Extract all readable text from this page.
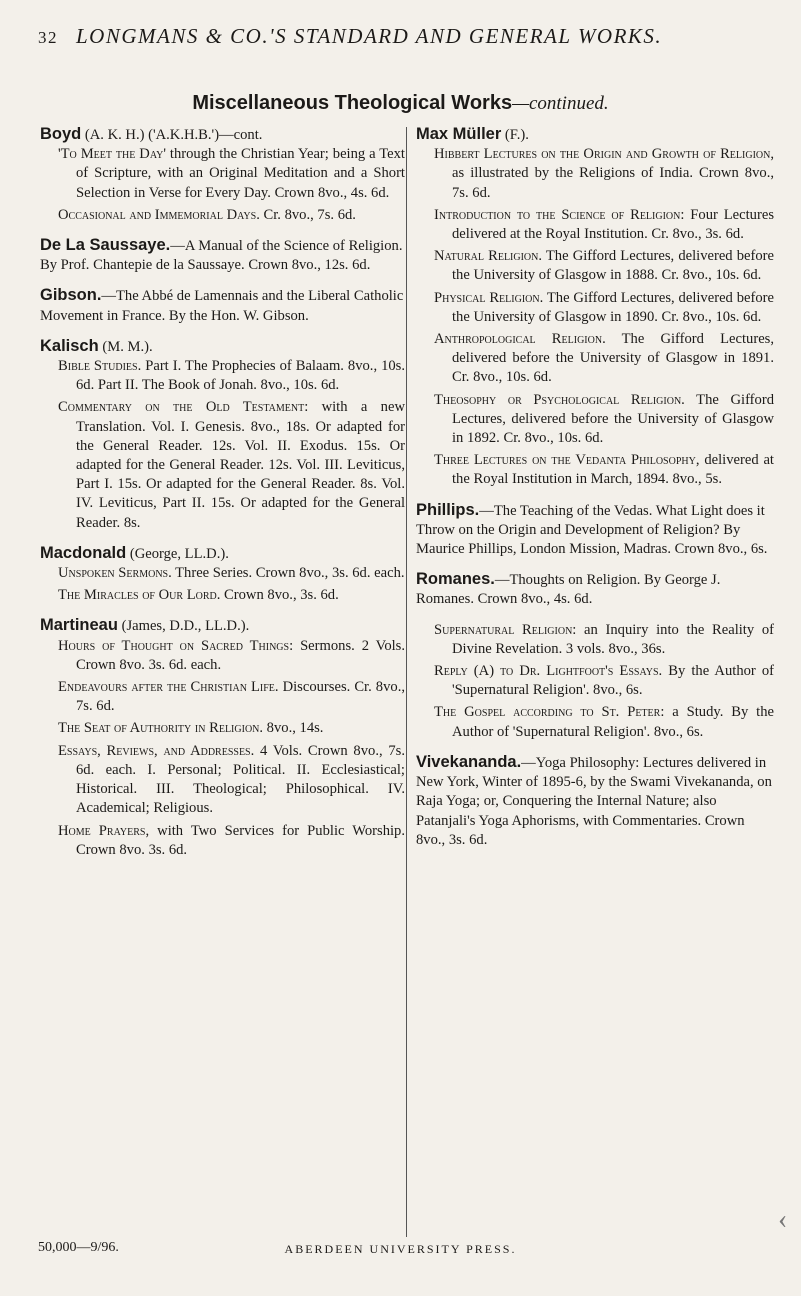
32 LONGMANS & CO.'S STANDARD AND GENERAL WORKS.
Miscellaneous Theological Works—continued.
Boyd (A. K. H.) ('A.K.H.B.')—cont.
'To Meet the Day' through the Christian Year; being a Text of Scripture, with an Original Meditation and a Short Selection in Verse for Every Day. Crown 8vo., 4s. 6d.
Occasional and Immemorial Days. Cr. 8vo., 7s. 6d.
De La Saussaye.—A Manual of the Science of Religion. By Prof. Chantepie de la Saussaye. Crown 8vo., 12s. 6d.
Gibson.—The Abbé de Lamennais and the Liberal Catholic Movement in France. By the Hon. W. Gibson.
Kalisch (M. M.).
Bible Studies. Part I. The Prophecies of Balaam. 8vo., 10s. 6d. Part II. The Book of Jonah. 8vo., 10s. 6d.
Commentary on the Old Testament: with a new Translation. Vol. I. Genesis. 8vo., 18s. Or adapted for the General Reader. 12s. Vol. II. Exodus. 15s. Or adapted for the General Reader. 12s. Vol. III. Leviticus, Part I. 15s. Or adapted for the General Reader. 8s. Vol. IV. Leviticus, Part II. 15s. Or adapted for the General Reader. 8s.
Macdonald (George, LL.D.).
Unspoken Sermons. Three Series. Crown 8vo., 3s. 6d. each.
The Miracles of Our Lord. Crown 8vo., 3s. 6d.
Martineau (James, D.D., LL.D.).
Hours of Thought on Sacred Things: Sermons. 2 Vols. Crown 8vo. 3s. 6d. each.
Endeavours after the Christian Life. Discourses. Cr. 8vo., 7s. 6d.
The Seat of Authority in Religion. 8vo., 14s.
Essays, Reviews, and Addresses. 4 Vols. Crown 8vo., 7s. 6d. each. I. Personal; Political. II. Ecclesiastical; Historical. III. Theological; Philosophical. IV. Academical; Religious.
Home Prayers, with Two Services for Public Worship. Crown 8vo. 3s. 6d.
Max Müller (F.).
Hibbert Lectures on the Origin and Growth of Religion, as illustrated by the Religions of India. Crown 8vo., 7s. 6d.
Introduction to the Science of Religion: Four Lectures delivered at the Royal Institution. Cr. 8vo., 3s. 6d.
Natural Religion. The Gifford Lectures, delivered before the University of Glasgow in 1888. Cr. 8vo., 10s. 6d.
Physical Religion. The Gifford Lectures, delivered before the University of Glasgow in 1890. Cr. 8vo., 10s. 6d.
Anthropological Religion. The Gifford Lectures, delivered before the University of Glasgow in 1891. Cr. 8vo., 10s. 6d.
Theosophy or Psychological Religion. The Gifford Lectures, delivered before the University of Glasgow in 1892. Cr. 8vo., 10s. 6d.
Three Lectures on the Vedanta Philosophy, delivered at the Royal Institution in March, 1894. 8vo., 5s.
Phillips.—The Teaching of the Vedas. What Light does it Throw on the Origin and Development of Religion? By Maurice Phillips, London Mission, Madras. Crown 8vo., 6s.
Romanes.—Thoughts on Religion. By George J. Romanes. Crown 8vo., 4s. 6d.
Supernatural Religion: an Inquiry into the Reality of Divine Revelation. 3 vols. 8vo., 36s.
Reply (A) to Dr. Lightfoot's Essays. By the Author of 'Supernatural Religion'. 8vo., 6s.
The Gospel according to St. Peter: a Study. By the Author of 'Supernatural Religion'. 8vo., 6s.
Vivekananda.—Yoga Philosophy: Lectures delivered in New York, Winter of 1895-6, by the Swami Vivekananda, on Raja Yoga; or, Conquering the Internal Nature; also Patanjali's Yoga Aphorisms, with Commentaries. Crown 8vo., 3s. 6d.
‹
50,000—9/96.	ABERDEEN UNIVERSITY PRESS.
